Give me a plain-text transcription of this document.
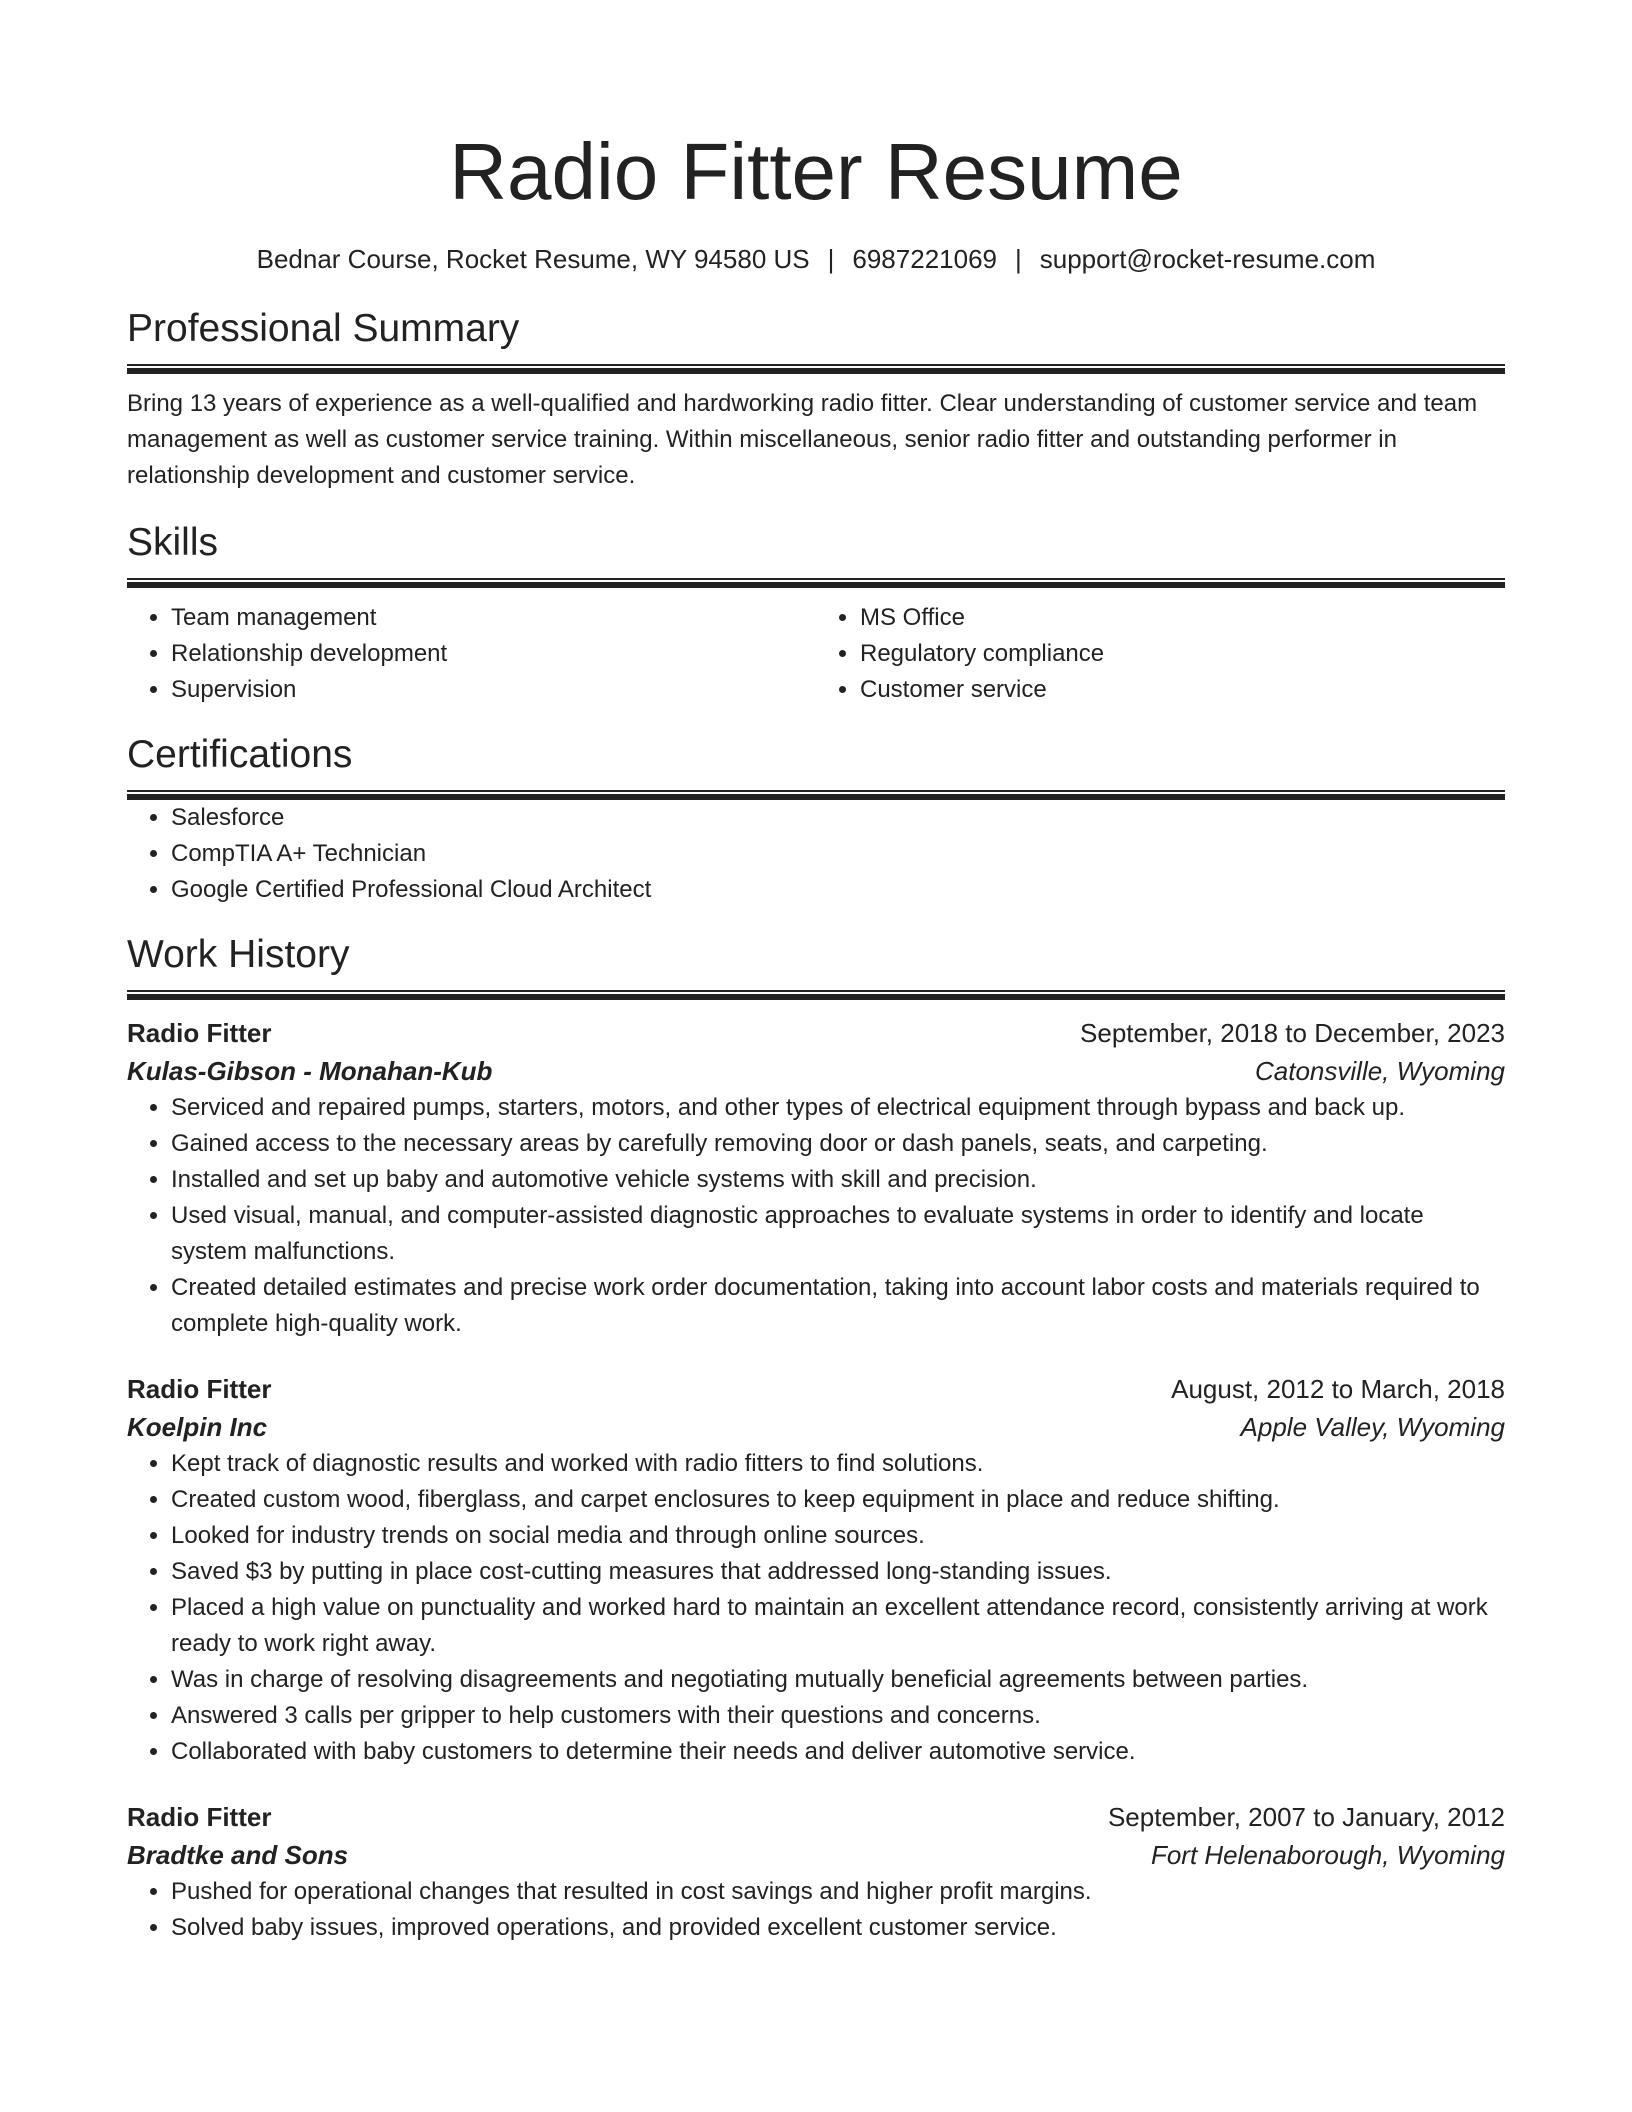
Radio Fitter Resume
Bednar Course, Rocket Resume, WY 94580 US | 6987221069 | support@rocket-resume.com
Professional Summary
Bring 13 years of experience as a well-qualified and hardworking radio fitter. Clear understanding of customer service and team management as well as customer service training. Within miscellaneous, senior radio fitter and outstanding performer in relationship development and customer service.
Skills
• Team management
• Relationship development
• Supervision
• MS Office
• Regulatory compliance
• Customer service
Certifications
• Salesforce
• CompTIA A+ Technician
• Google Certified Professional Cloud Architect
Work History
Radio Fitter	September, 2018 to December, 2023
Kulas-Gibson - Monahan-Kub	Catonsville, Wyoming
• Serviced and repaired pumps, starters, motors, and other types of electrical equipment through bypass and back up.
• Gained access to the necessary areas by carefully removing door or dash panels, seats, and carpeting.
• Installed and set up baby and automotive vehicle systems with skill and precision.
• Used visual, manual, and computer-assisted diagnostic approaches to evaluate systems in order to identify and locate system malfunctions.
• Created detailed estimates and precise work order documentation, taking into account labor costs and materials required to complete high-quality work.
Radio Fitter	August, 2012 to March, 2018
Koelpin Inc	Apple Valley, Wyoming
• Kept track of diagnostic results and worked with radio fitters to find solutions.
• Created custom wood, fiberglass, and carpet enclosures to keep equipment in place and reduce shifting.
• Looked for industry trends on social media and through online sources.
• Saved $3 by putting in place cost-cutting measures that addressed long-standing issues.
• Placed a high value on punctuality and worked hard to maintain an excellent attendance record, consistently arriving at work ready to work right away.
• Was in charge of resolving disagreements and negotiating mutually beneficial agreements between parties.
• Answered 3 calls per gripper to help customers with their questions and concerns.
• Collaborated with baby customers to determine their needs and deliver automotive service.
Radio Fitter	September, 2007 to January, 2012
Bradtke and Sons	Fort Helenaborough, Wyoming
• Pushed for operational changes that resulted in cost savings and higher profit margins.
• Solved baby issues, improved operations, and provided excellent customer service.
